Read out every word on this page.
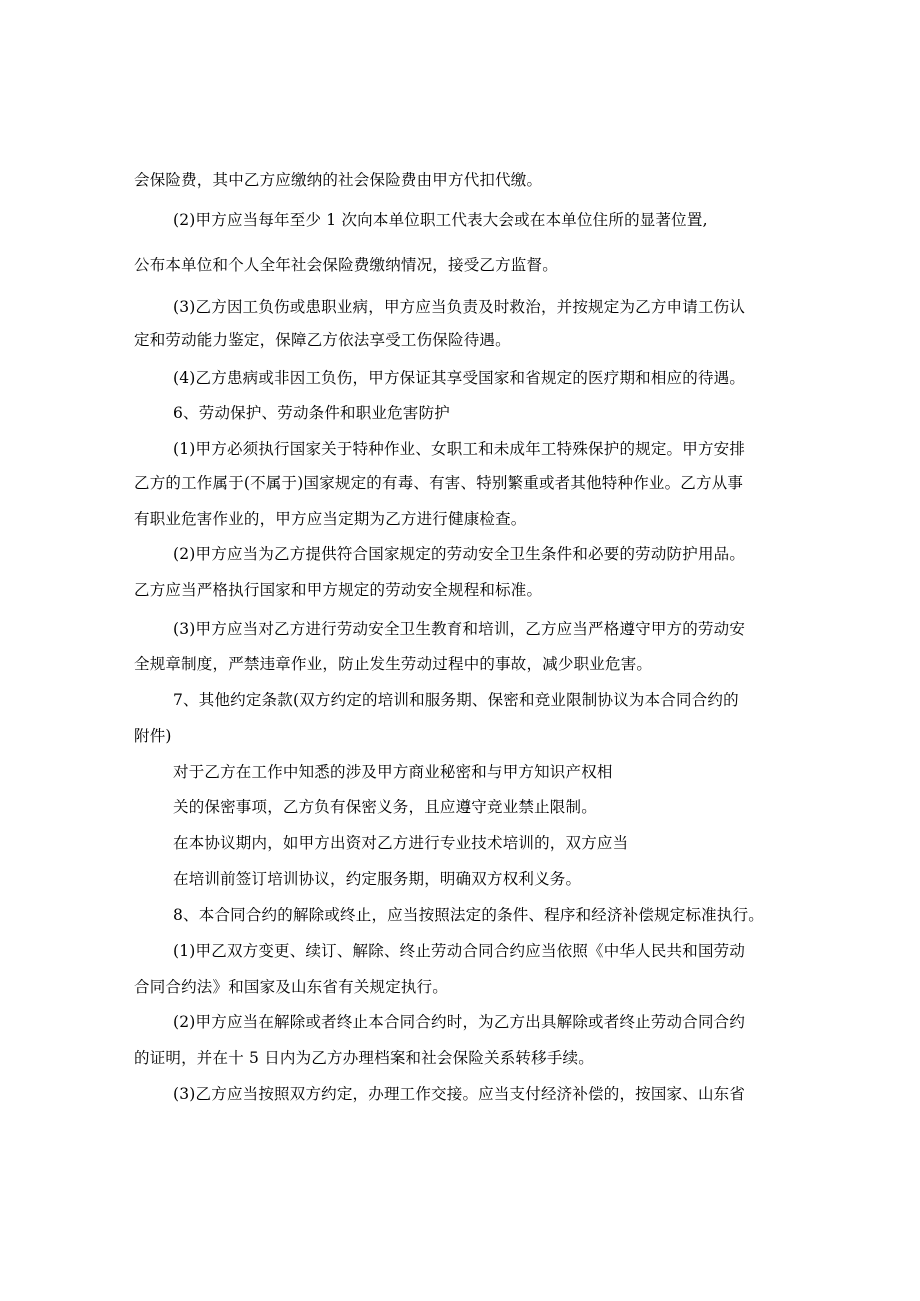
会保险费，其中乙方应缴纳的社会保险费由甲方代扣代缴。
(2)甲方应当每年至少 1 次向本单位职工代表大会或在本单位住所的显著位置,
公布本单位和个人全年社会保险费缴纳情况，接受乙方监督。
(3)乙方因工负伤或患职业病，甲方应当负责及时救治，并按规定为乙方申请工伤认
定和劳动能力鉴定，保障乙方依法享受工伤保险待遇。
(4)乙方患病或非因工负伤，甲方保证其享受国家和省规定的医疗期和相应的待遇。
6、劳动保护、劳动条件和职业危害防护
(1)甲方必须执行国家关于特种作业、女职工和未成年工特殊保护的规定。甲方安排
乙方的工作属于(不属于)国家规定的有毒、有害、特别繁重或者其他特种作业。乙方从事
有职业危害作业的，甲方应当定期为乙方进行健康检查。
(2)甲方应当为乙方提供符合国家规定的劳动安全卫生条件和必要的劳动防护用品。
乙方应当严格执行国家和甲方规定的劳动安全规程和标准。
(3)甲方应当对乙方进行劳动安全卫生教育和培训，乙方应当严格遵守甲方的劳动安
全规章制度，严禁违章作业，防止发生劳动过程中的事故，减少职业危害。
7、其他约定条款(双方约定的培训和服务期、保密和竞业限制协议为本合同合约的
附件)
对于乙方在工作中知悉的涉及甲方商业秘密和与甲方知识产权相
关的保密事项，乙方负有保密义务，且应遵守竞业禁止限制。
在本协议期内，如甲方出资对乙方进行专业技术培训的，双方应当
在培训前签订培训协议，约定服务期，明确双方权利义务。
8、本合同合约的解除或终止，应当按照法定的条件、程序和经济补偿规定标准执行。
(1)甲乙双方变更、续订、解除、终止劳动合同合约应当依照《中华人民共和国劳动
合同合约法》和国家及山东省有关规定执行。
(2)甲方应当在解除或者终止本合同合约时，为乙方出具解除或者终止劳动合同合约
的证明，并在十 5 日内为乙方办理档案和社会保险关系转移手续。
(3)乙方应当按照双方约定，办理工作交接。应当支付经济补偿的，按国家、山东省
